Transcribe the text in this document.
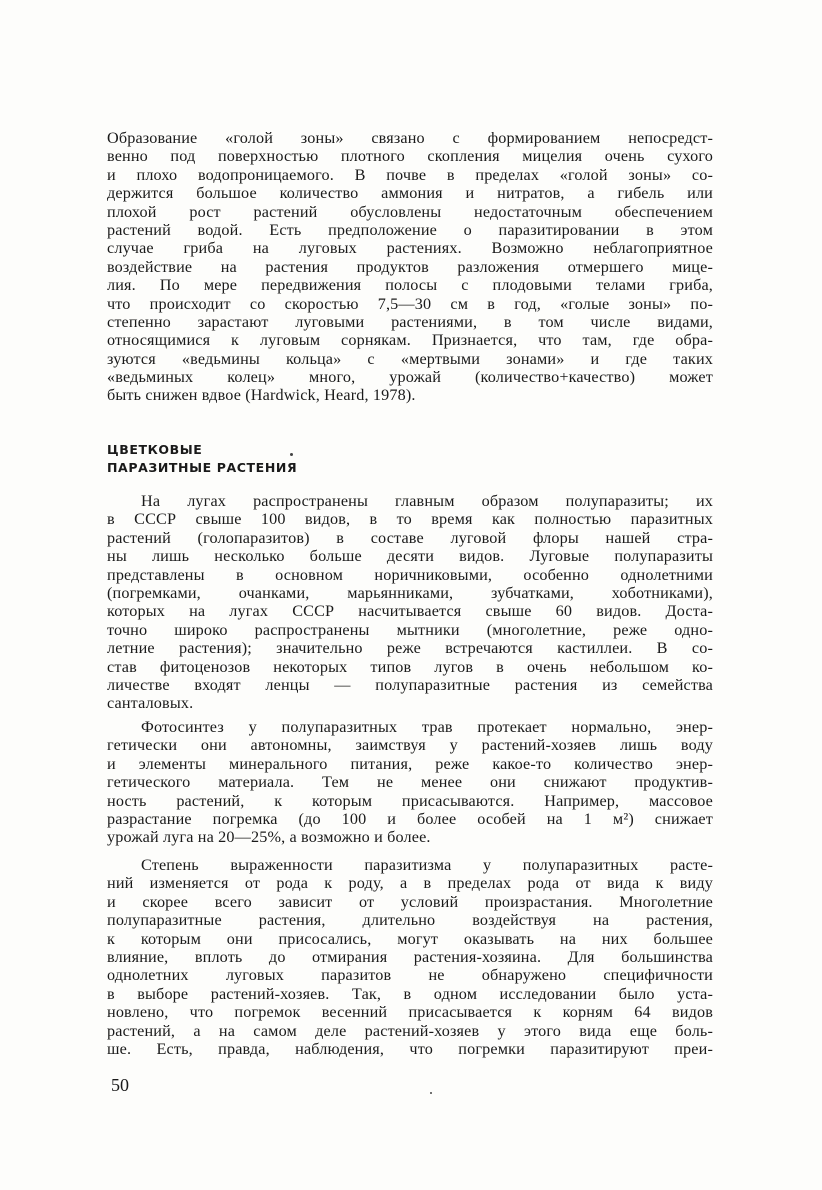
Образование «голой зоны» связано с формированием непосредст-
венно под поверхностью плотного скопления мицелия очень сухого
и плохо водопроницаемого. В почве в пределах «голой зоны» со-
держится большое количество аммония и нитратов, а гибель или
плохой рост растений обусловлены недостаточным обеспечением
растений водой. Есть предположение о паразитировании в этом
случае гриба на луговых растениях. Возможно неблагоприятное
воздействие на растения продуктов разложения отмершего мице-
лия. По мере передвижения полосы с плодовыми телами гриба,
что происходит со скоростью 7,5—30 см в год, «голые зоны» по-
степенно зарастают луговыми растениями, в том числе видами,
относящимися к луговым сорнякам. Признается, что там, где обра-
зуются «ведьмины кольца» с «мертвыми зонами» и где таких
«ведьминых колец» много, урожай (количество+качество) может
быть снижен вдвое (Hardwick, Heard, 1978).
ЦВЕТКОВЫЕ
ПАРАЗИТНЫЕ РАСТЕНИЯ
На лугах распространены главным образом полупаразиты; их
в СССР свыше 100 видов, в то время как полностью паразитных
растений (голопаразитов) в составе луговой флоры нашей стра-
ны лишь несколько больше десяти видов. Луговые полупаразиты
представлены в основном норичниковыми, особенно однолетними
(погремками, очанками, марьянниками, зубчатками, хоботниками),
которых на лугах СССР насчитывается свыше 60 видов. Доста-
точно широко распространены мытники (многолетние, реже одно-
летние растения); значительно реже встречаются кастиллеи. В со-
став фитоценозов некоторых типов лугов в очень небольшом ко-
личестве входят ленцы — полупаразитные растения из семейства
санталовых.
Фотосинтез у полупаразитных трав протекает нормально, энер-
гетически они автономны, заимствуя у растений-хозяев лишь воду
и элементы минерального питания, реже какое-то количество энер-
гетического материала. Тем не менее они снижают продуктив-
ность растений, к которым присасываются. Например, массовое
разрастание погремка (до 100 и более особей на 1 м²) снижает
урожай луга на 20—25%, а возможно и более.
Степень выраженности паразитизма у полупаразитных расте-
ний изменяется от рода к роду, а в пределах рода от вида к виду
и скорее всего зависит от условий произрастания. Многолетние
полупаразитные растения, длительно воздействуя на растения,
к которым они присосались, могут оказывать на них большее
влияние, вплоть до отмирания растения-хозяина. Для большинства
однолетних луговых паразитов не обнаружено специфичности
в выборе растений-хозяев. Так, в одном исследовании было уста-
новлено, что погремок весенний присасывается к корням 64 видов
растений, а на самом деле растений-хозяев у этого вида еще боль-
ше. Есть, правда, наблюдения, что погремки паразитируют преи-
50
